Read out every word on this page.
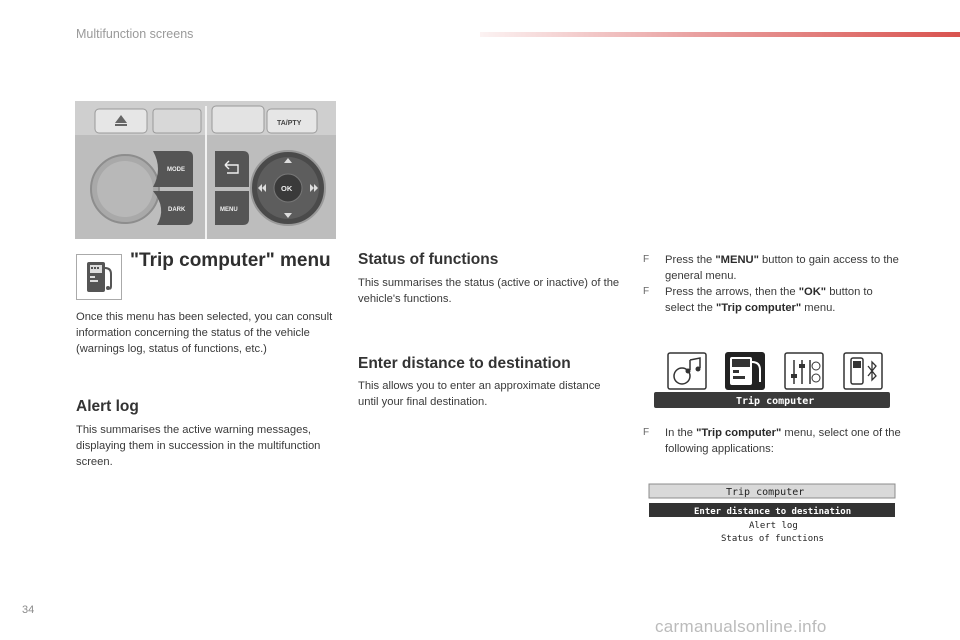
Multifunction screens
TA/PTY
MODE
DARK	MENU
OK
"Trip computer" menu

Once this menu has been selected, you can consult information concerning the status of the vehicle (warnings log, status of functions, etc.)

Alert log

This summarises the active warning messages, displaying them in succession in the multifunction screen.

Status of functions

This summarises the status (active or inactive) of the vehicle's functions.

Enter distance to destination

This allows you to enter an approximate distance until your final destination.

F Press the "MENU" button to gain access to the general menu.
F Press the arrows, then the "OK" button to select the "Trip computer" menu.
Trip computer
F In the "Trip computer" menu, select one of the following applications:
Trip computer
Enter distance to destination
Alert log
Status of functions
34
carmanualsonline.info
